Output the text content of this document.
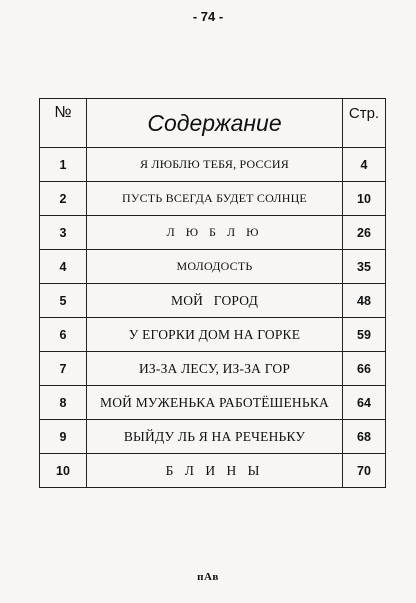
- 74 -
№	Содержание	Стр.
1	Я ЛЮБЛЮ ТЕБЯ, РОССИЯ	4
2	ПУСТЬ ВСЕГДА БУДЕТ СОЛНЦЕ	10
3	Л Ю Б Л Ю	26
4	МОЛОДОСТЬ	35
5	МОЙ   ГОРОД	48
6	У ЕГОРКИ ДОМ НА ГОРКЕ	59
7	ИЗ-ЗА ЛЕСУ, ИЗ-ЗА ГОР	66
8	МОЙ МУЖЕНЬКА РАБОТЁШЕНЬКА	64
9	ВЫЙДУ ЛЬ Я НА РЕЧЕНЬКУ	68
10	Б Л И Н Ы	70
пАв
